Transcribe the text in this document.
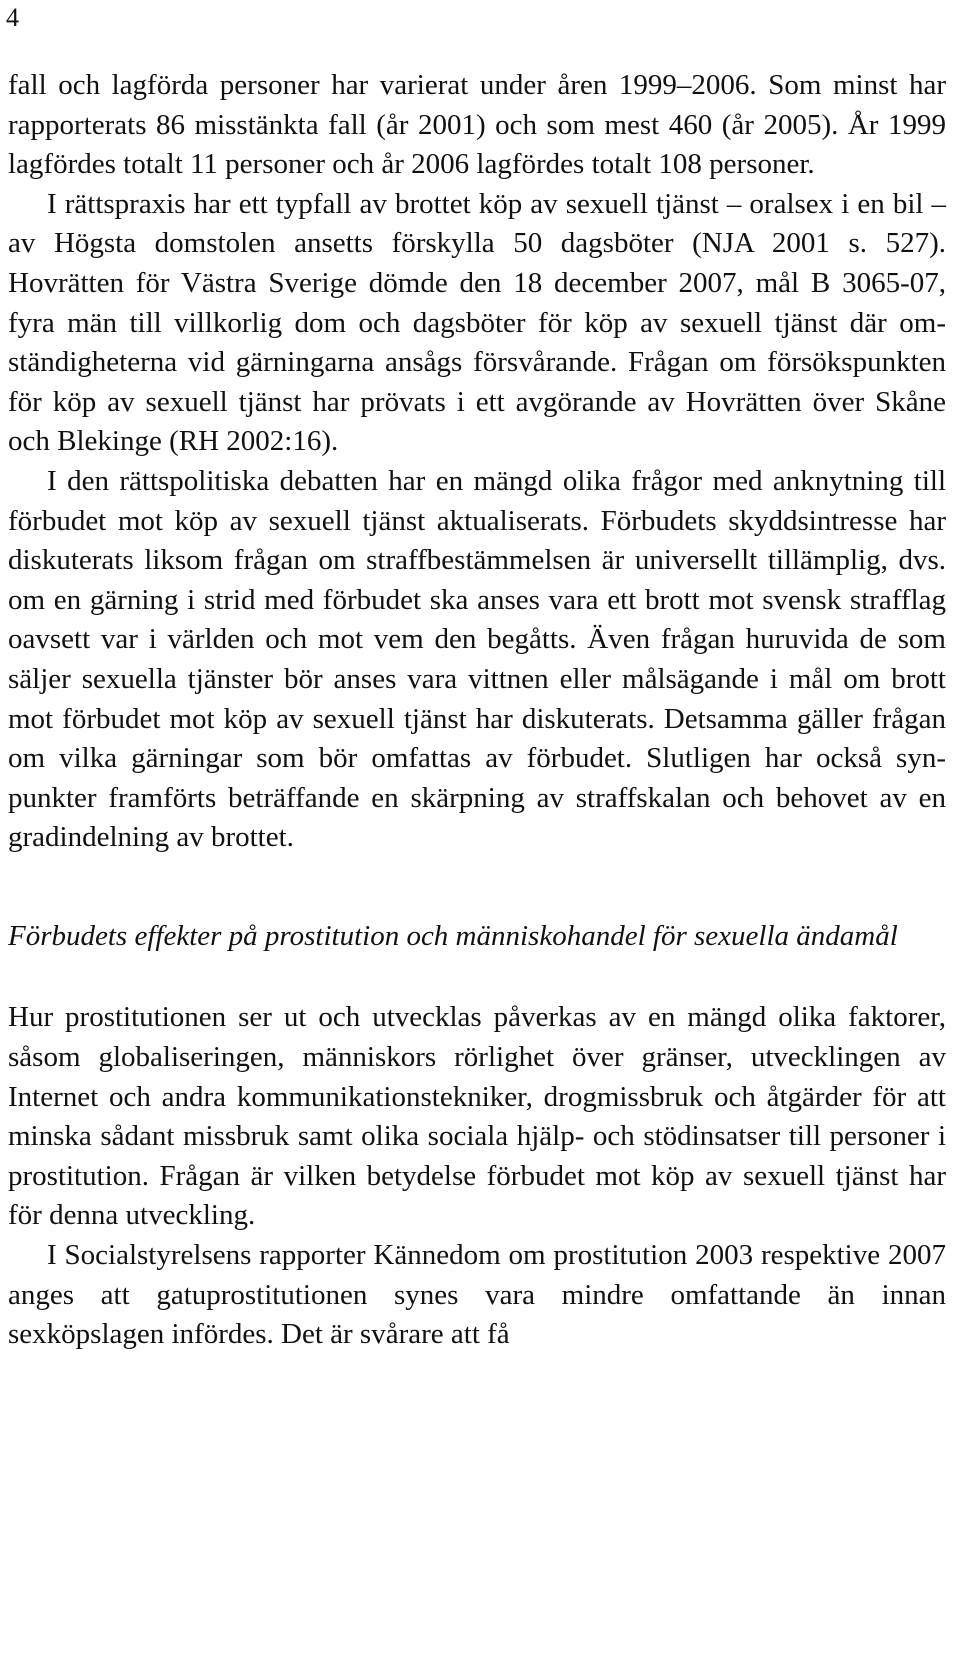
4

fall och lagförda personer har varierat under åren 1999–2006. Som minst har rapporterats 86 misstänkta fall (år 2001) och som mest 460 (år 2005). År 1999 lagfördes totalt 11 personer och år 2006 lagfördes totalt 108 personer.

I rättspraxis har ett typfall av brottet köp av sexuell tjänst – oralsex i en bil – av Högsta domstolen ansetts förskylla 50 dagsböter (NJA 2001 s. 527). Hovrätten för Västra Sverige dömde den 18 december 2007, mål B 3065-07, fyra män till villkorlig dom och dagsböter för köp av sexuell tjänst där omständigheterna vid gärningarna ansågs försvårande. Frågan om försökspunkten för köp av sexuell tjänst har prövats i ett avgörande av Hovrätten över Skåne och Blekinge (RH 2002:16).

I den rättspolitiska debatten har en mängd olika frågor med anknytning till förbudet mot köp av sexuell tjänst aktualiserats. Förbudets skyddsintresse har diskuterats liksom frågan om straffbestämmelsen är universellt tillämplig, dvs. om en gärning i strid med förbudet ska anses vara ett brott mot svensk strafflag oavsett var i världen och mot vem den begåtts. Även frågan huruvida de som säljer sexuella tjänster bör anses vara vittnen eller målsägande i mål om brott mot förbudet mot köp av sexuell tjänst har diskuterats. Detsamma gäller frågan om vilka gärningar som bör omfattas av förbudet. Slutligen har också synpunkter framförts beträffande en skärpning av straffskalan och behovet av en gradindelning av brottet.

Förbudets effekter på prostitution och människohandel för sexuella ändamål

Hur prostitutionen ser ut och utvecklas påverkas av en mängd olika faktorer, såsom globaliseringen, människors rörlighet över gränser, utvecklingen av Internet och andra kommunikationstekniker, drogmissbruk och åtgärder för att minska sådant missbruk samt olika sociala hjälp- och stödinsatser till personer i prostitution. Frågan är vilken betydelse förbudet mot köp av sexuell tjänst har för denna utveckling.

I Socialstyrelsens rapporter Kännedom om prostitution 2003 respektive 2007 anges att gatuprostitutionen synes vara mindre omfattande än innan sexköpslagen infördes. Det är svårare att få
